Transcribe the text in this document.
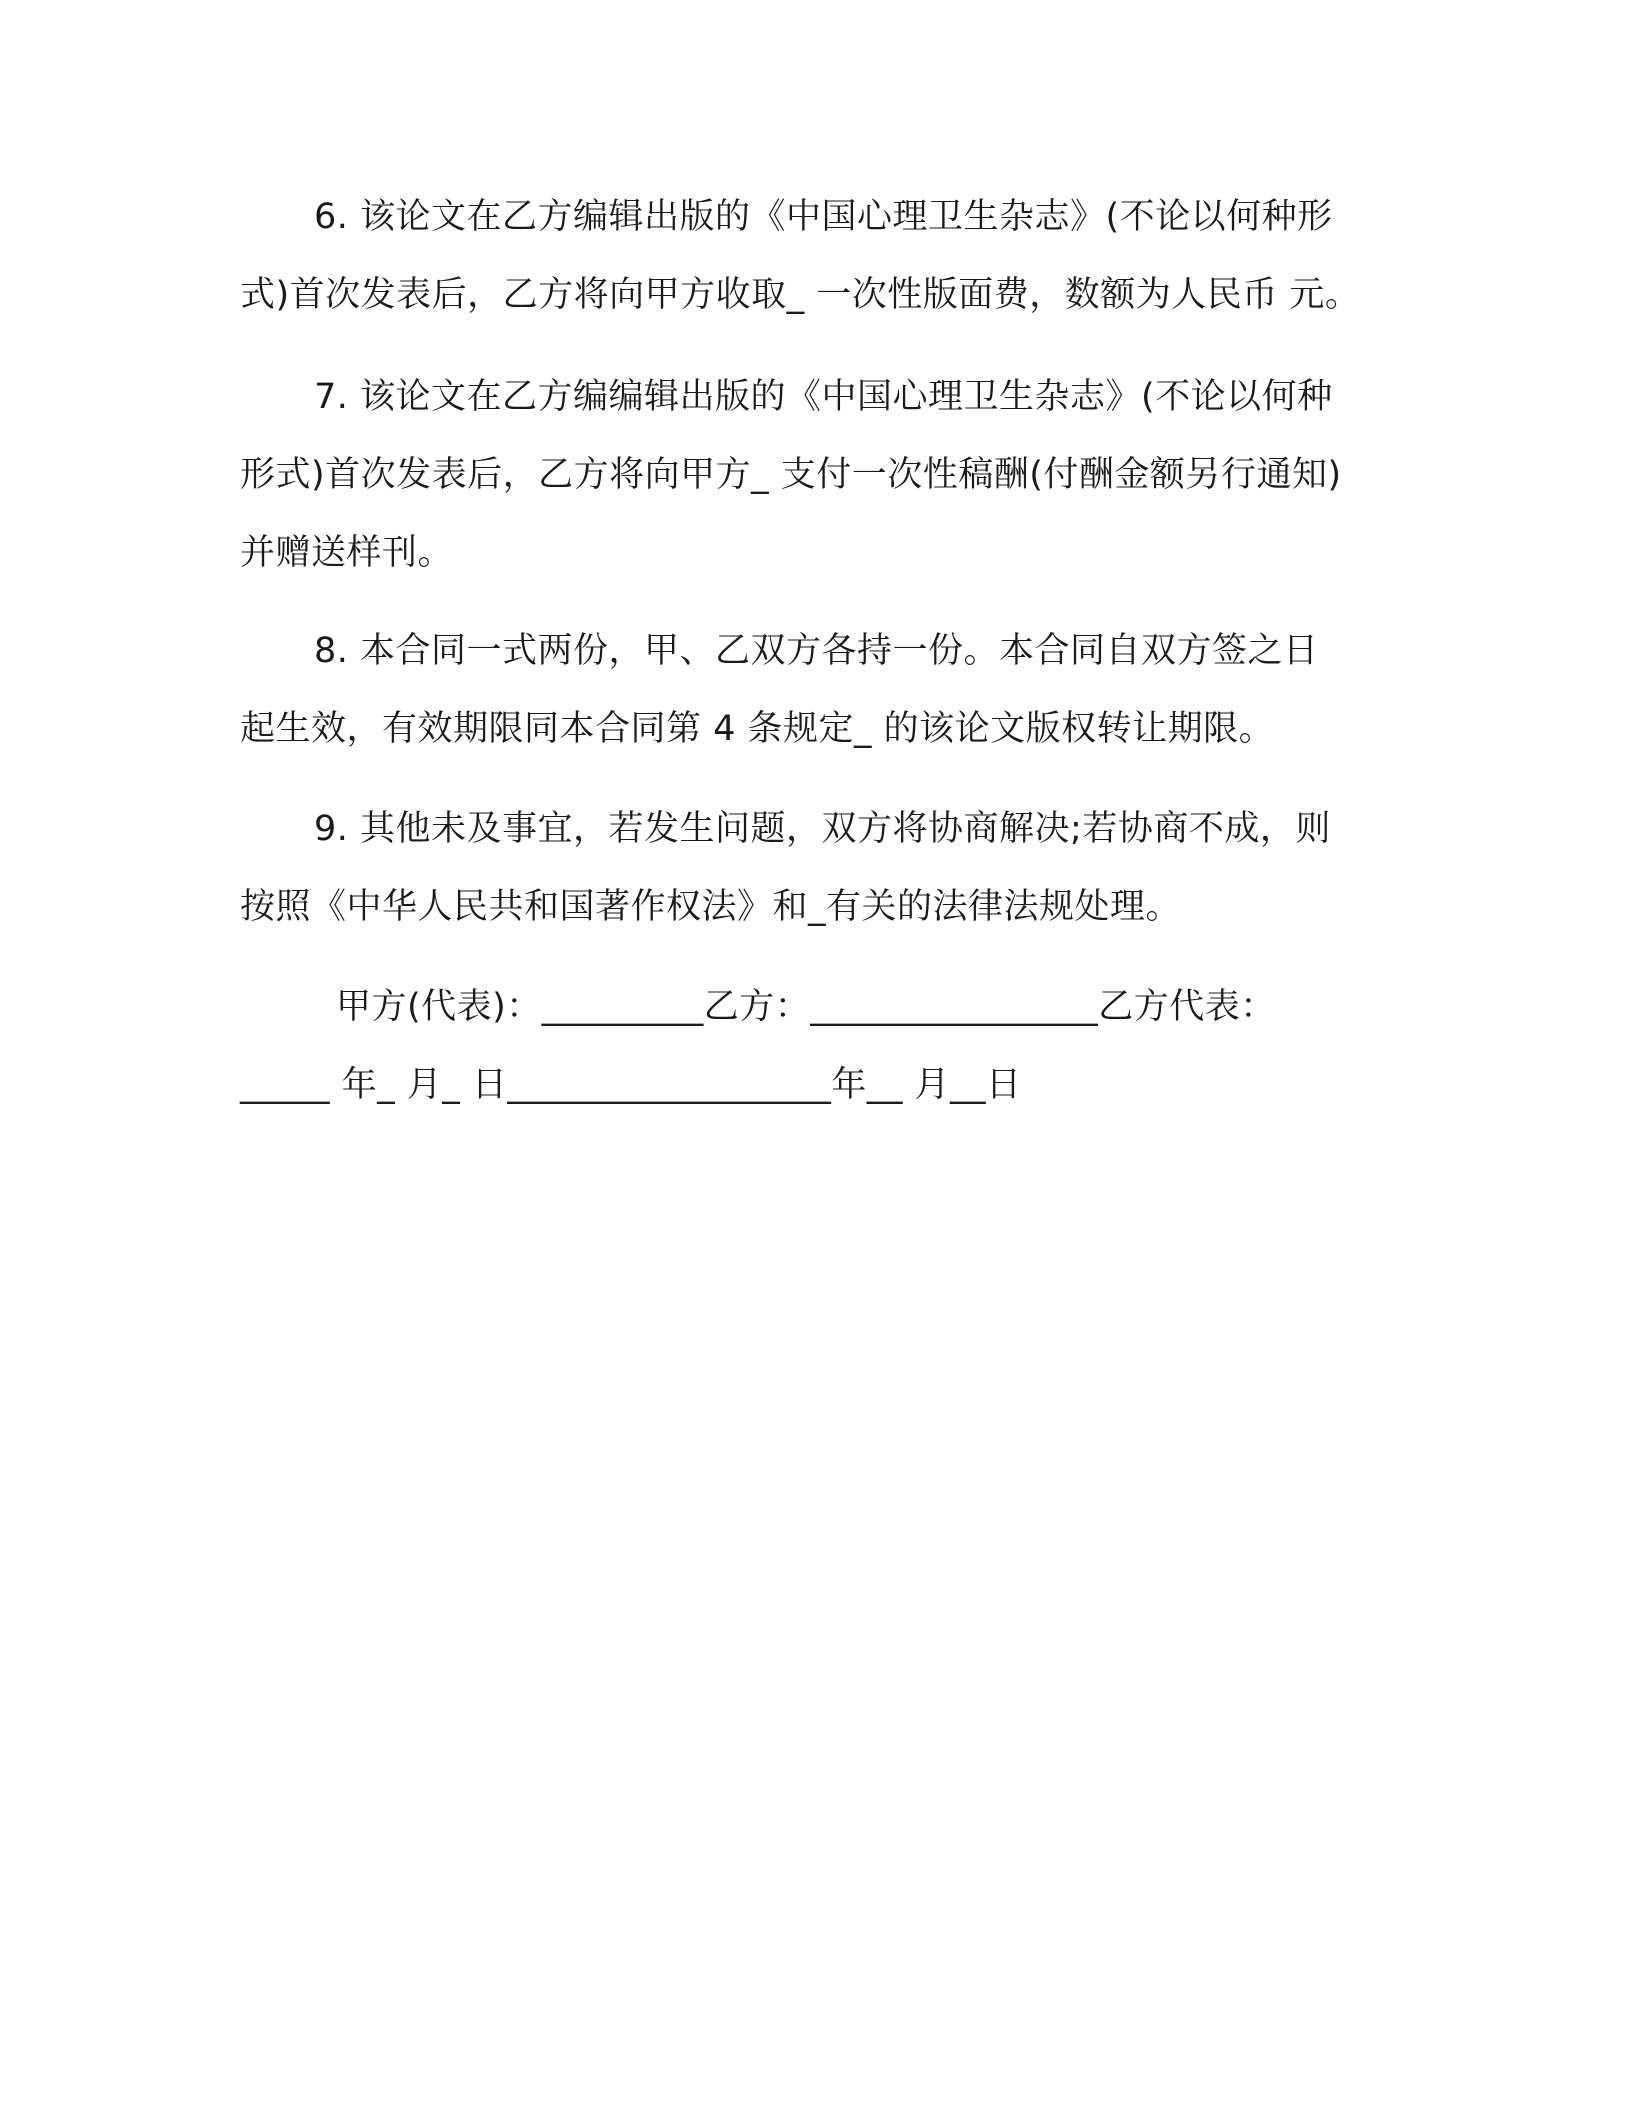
6. 该论文在乙方编辑出版的《中国心理卫生杂志》(不论以何种形
式)首次发表后，乙方将向甲方收取_ 一次性版面费，数额为人民币 元。
7. 该论文在乙方编编辑出版的《中国心理卫生杂志》(不论以何种
形式)首次发表后，乙方将向甲方_ 支付一次性稿酬(付酬金额另行通知)
并赠送样刊。
8. 本合同一式两份，甲、乙双方各持一份。本合同自双方签之日
起生效，有效期限同本合同第 4 条规定_ 的该论文版权转让期限。
9. 其他未及事宜，若发生问题，双方将协商解决;若协商不成，则
按照《中华人民共和国著作权法》和_有关的法律法规处理。
甲方(代表)：_________乙方：________________乙方代表：
_____ 年_ 月_ 日__________________年__ 月__日
